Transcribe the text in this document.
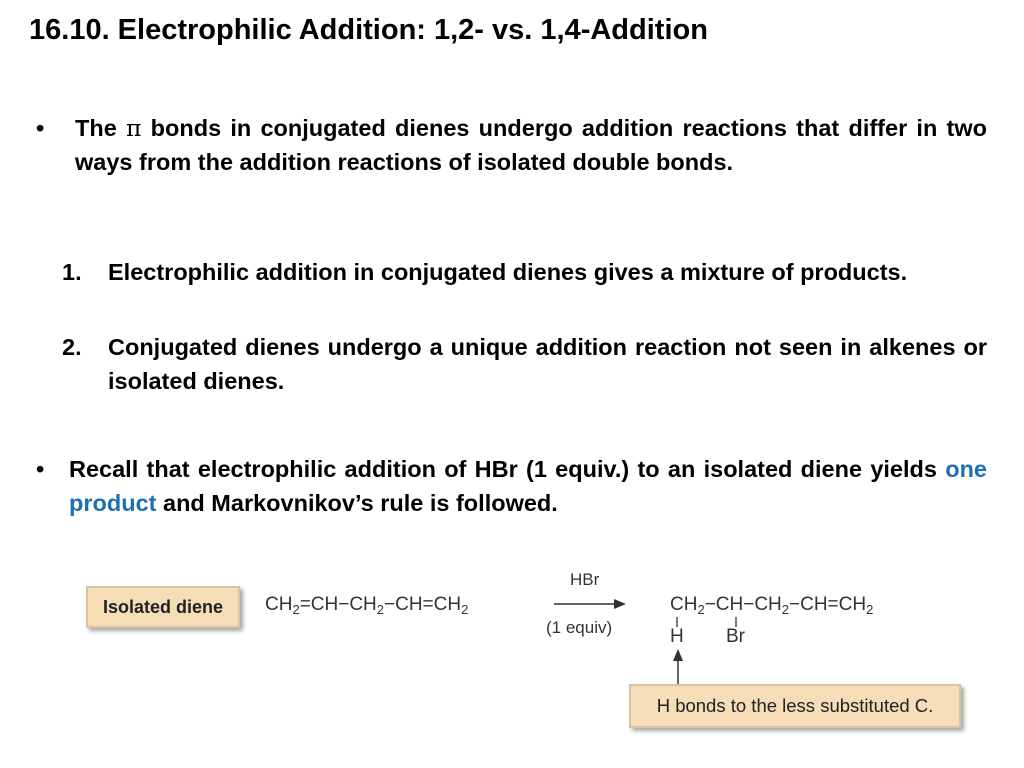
16.10. Electrophilic Addition: 1,2- vs. 1,4-Addition
• The π bonds in conjugated dienes undergo addition reactions that differ in two ways from the addition reactions of isolated double bonds.
1. Electrophilic addition in conjugated dienes gives a mixture of products.
2. Conjugated dienes undergo a unique addition reaction not seen in alkenes or isolated dienes.
• Recall that electrophilic addition of HBr (1 equiv.) to an isolated diene yields one product and Markovnikov’s rule is followed.
Isolated diene	$CH_2=CH-CH_2-CH=CH_2$
HBr
(1 equiv)
$CH_2-CH-CH_2-CH=CH_2$
H Br
H bonds to the less substituted C.
